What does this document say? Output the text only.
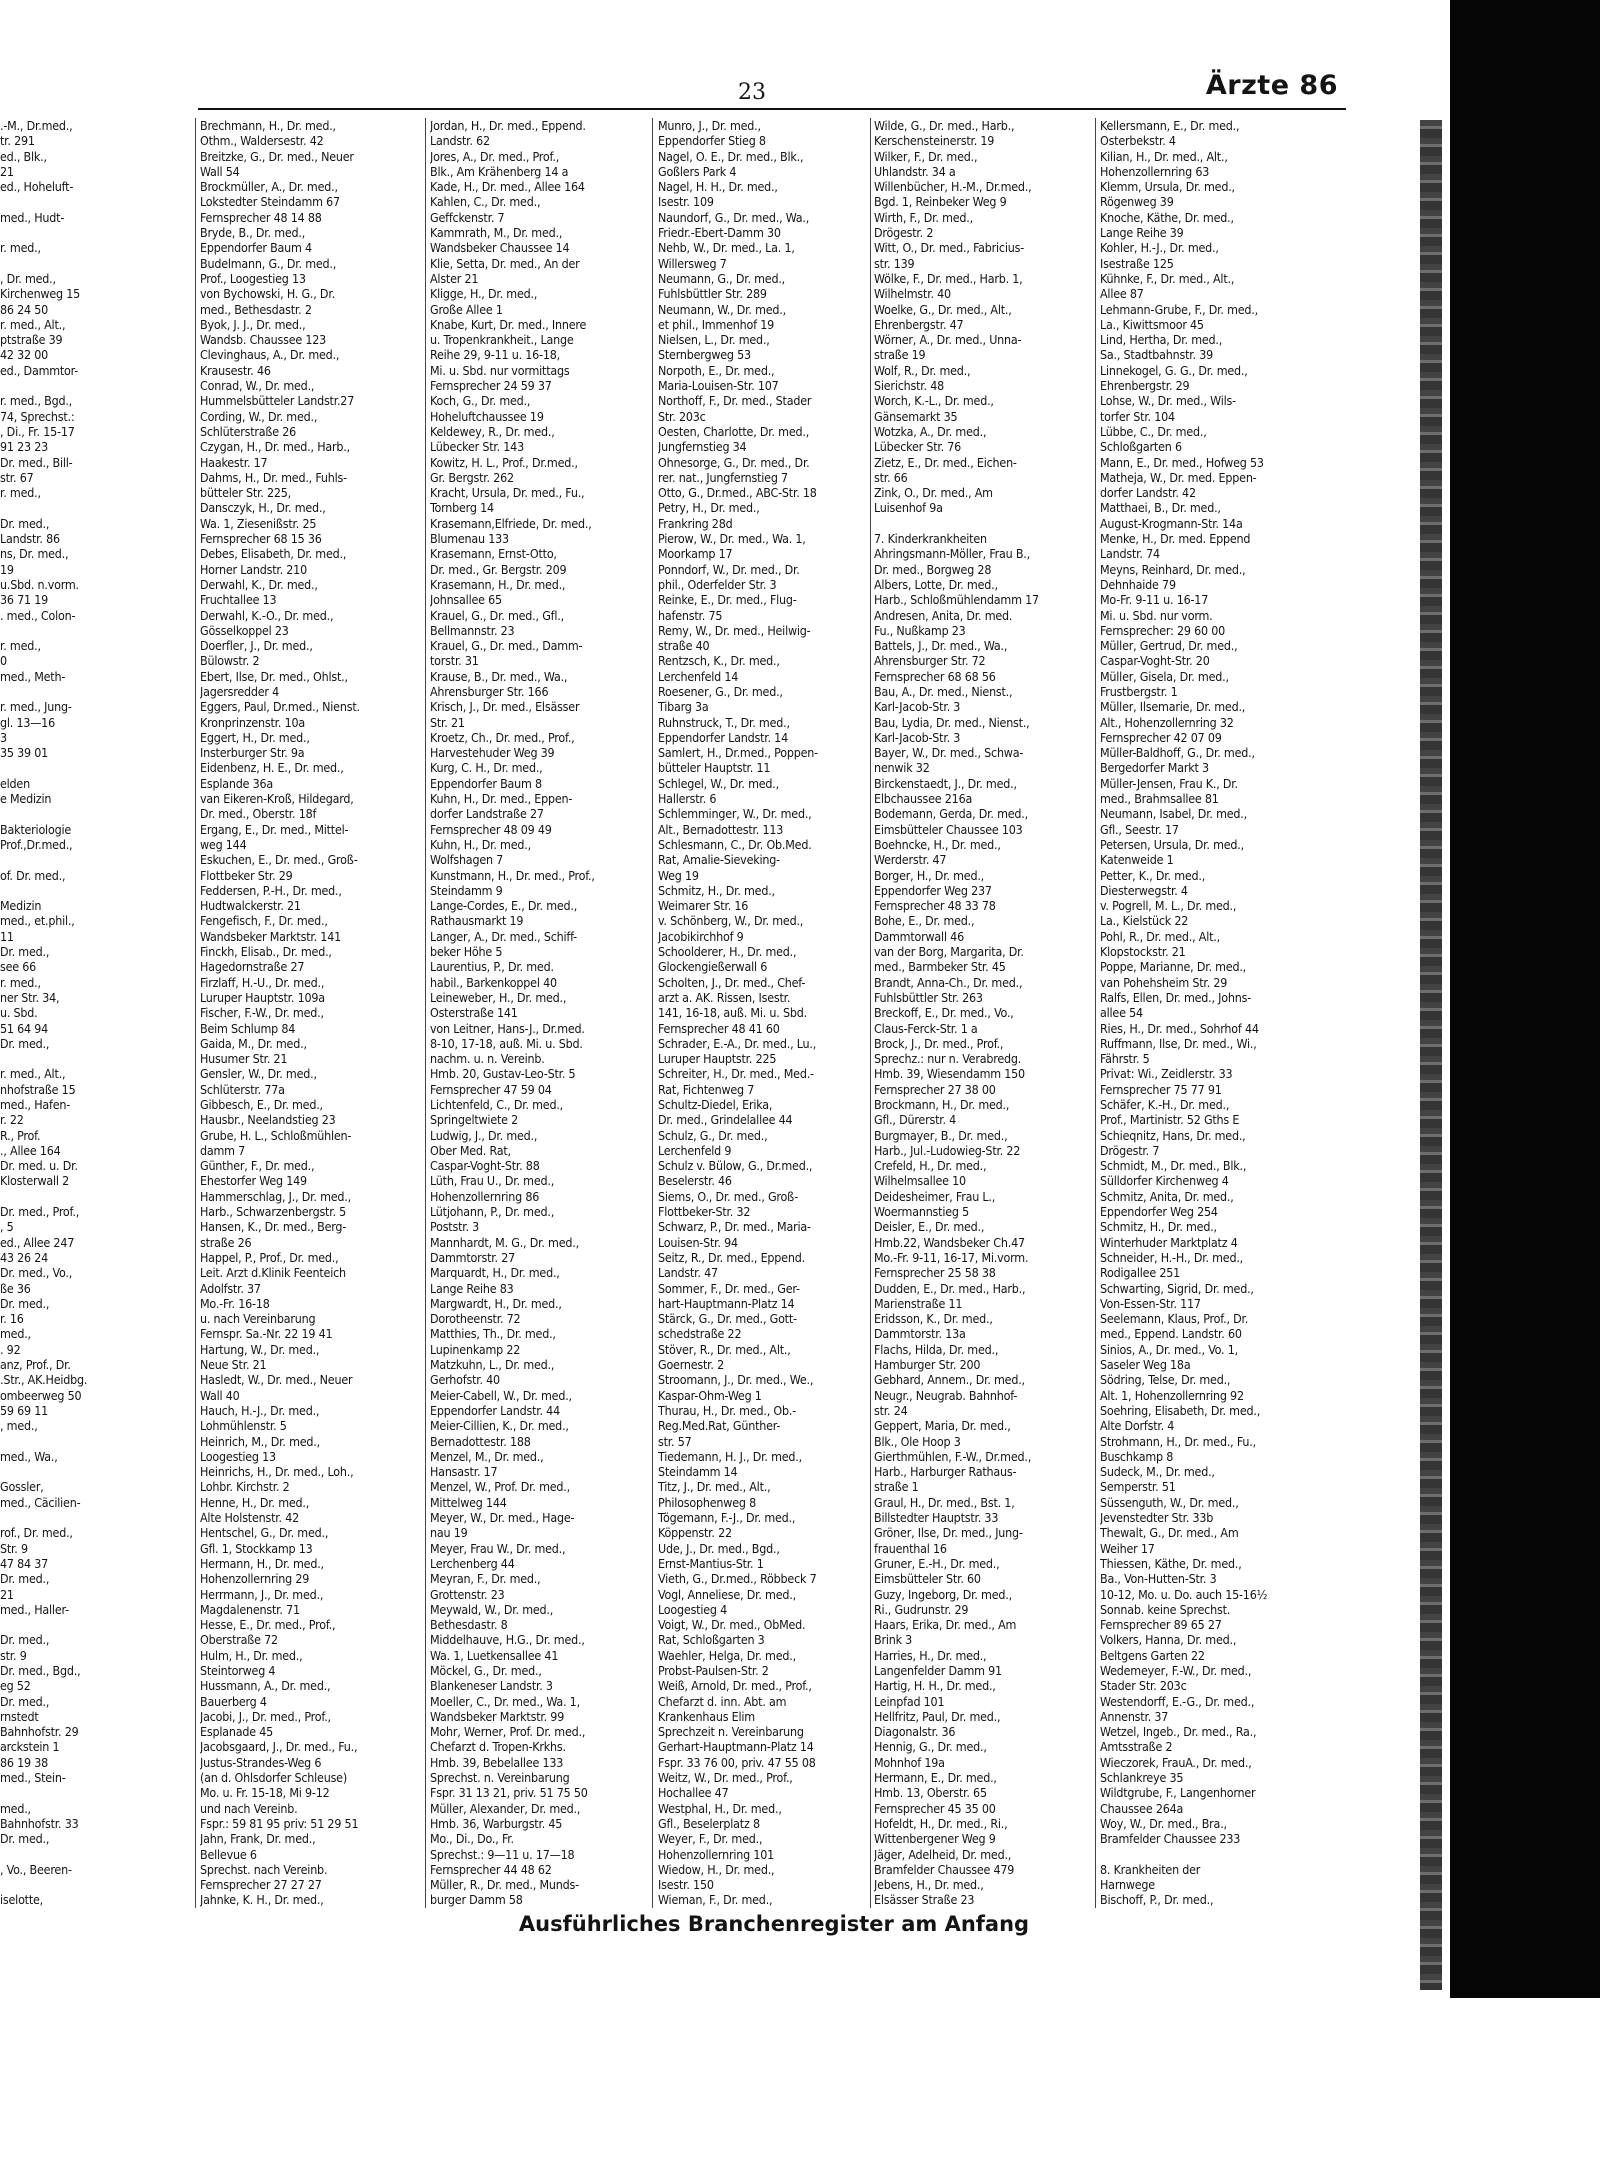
23	Ärzte 86
.-M., Dr.med.,
tr. 291
ed., Blk.,
21
ed., Hoheluft-

med., Hudt-

r. med.,

, Dr. med.,
Kirchenweg 15
86 24 50
r. med., Alt.,
ptstraße 39
42 32 00
ed., Dammtor-

r. med., Bgd.,
74, Sprechst.:
, Di., Fr. 15-17
91 23 23
Dr. med., Bill-
str. 67
r. med.,

Dr. med.,
Landstr. 86
ns, Dr. med.,
19
u.Sbd. n.vorm.
36 71 19
. med., Colon-

r. med.,
0
med., Meth-

r. med., Jung-
gl. 13—16
3
35 39 01

elden
e Medizin

Bakteriologie
Prof.,Dr.med.,

of. Dr. med.,

Medizin
med., et.phil.,
11
Dr. med.,
see 66
r. med.,
ner Str. 34,
u. Sbd.
51 64 94
Dr. med.,

r. med., Alt.,
nhofstraße 15
med., Hafen-
r. 22
R., Prof.
., Allee 164
Dr. med. u. Dr.
Klosterwall 2

Dr. med., Prof.,
, 5
ed., Allee 247
43 26 24
Dr. med., Vo.,
ße 36
Dr. med.,
r. 16
med.,
. 92
anz, Prof., Dr.
.Str., AK.Heidbg.
ombeerweg 50
59 69 11
, med.,

med., Wa.,

Gossler,
med., Cäcilien-

rof., Dr. med.,
Str. 9
47 84 37
Dr. med.,
21
med., Haller-

Dr. med.,
str. 9
Dr. med., Bgd.,
eg 52
Dr. med.,
rnstedt
Bahnhofstr. 29
arckstein 1
86 19 38
med., Stein-

med.,
Bahnhofstr. 33
Dr. med.,

, Vo., Beeren-

iselotte,

Brechmann, H., Dr. med.,
Othm., Waldersestr. 42
Breitzke, G., Dr. med., Neuer
Wall 54
Brockmüller, A., Dr. med.,
Lokstedter Steindamm 67
Fernsprecher 48 14 88
Bryde, B., Dr. med.,
Eppendorfer Baum 4
Budelmann, G., Dr. med.,
Prof., Loogestieg 13
von Bychowski, H. G., Dr.
med., Bethesdastr. 2
Byok, J. J., Dr. med.,
Wandsb. Chaussee 123
Clevinghaus, A., Dr. med.,
Krausestr. 46
Conrad, W., Dr. med.,
Hummelsbütteler Landstr.27
Cording, W., Dr. med.,
Schlüterstraße 26
Czygan, H., Dr. med., Harb.,
Haakestr. 17
Dahms, H., Dr. med., Fuhls-
bütteler Str. 225,
Dansczyk, H., Dr. med.,
Wa. 1, Ziesenißstr. 25
Fernsprecher 68 15 36
Debes, Elisabeth, Dr. med.,
Horner Landstr. 210
Derwahl, K., Dr. med.,
Fruchtallee 13
Derwahl, K.-O., Dr. med.,
Gösselkoppel 23
Doerfler, J., Dr. med.,
Bülowstr. 2
Ebert, Ilse, Dr. med., Ohlst.,
Jagersredder 4
Eggers, Paul, Dr.med., Nienst.
Kronprinzenstr. 10a
Eggert, H., Dr. med.,
Insterburger Str. 9a
Eidenbenz, H. E., Dr. med.,
Esplande 36a
van Eikeren-Kroß, Hildegard,
Dr. med., Oberstr. 18f
Ergang, E., Dr. med., Mittel-
weg 144
Eskuchen, E., Dr. med., Groß-
Flottbeker Str. 29
Feddersen, P.-H., Dr. med.,
Hudtwalckerstr. 21
Fengefisch, F., Dr. med.,
Wandsbeker Marktstr. 141
Finckh, Elisab., Dr. med.,
Hagedornstraße 27
Firzlaff, H.-U., Dr. med.,
Luruper Hauptstr. 109a
Fischer, F.-W., Dr. med.,
Beim Schlump 84
Gaida, M., Dr. med.,
Husumer Str. 21
Gensler, W., Dr. med.,
Schlüterstr. 77a
Gibbesch, E., Dr. med.,
Hausbr., Neelandstieg 23
Grube, H. L., Schloßmühlen-
damm 7
Günther, F., Dr. med.,
Ehestorfer Weg 149
Hammerschlag, J., Dr. med.,
Harb., Schwarzenbergstr. 5
Hansen, K., Dr. med., Berg-
straße 26
Happel, P., Prof., Dr. med.,
Leit. Arzt d.Klinik Feenteich
Adolfstr. 37
Mo.-Fr. 16-18
u. nach Vereinbarung
Fernspr. Sa.-Nr. 22 19 41
Hartung, W., Dr. med.,
Neue Str. 21
Hasledt, W., Dr. med., Neuer
Wall 40
Hauch, H.-J., Dr. med.,
Lohmühlenstr. 5
Heinrich, M., Dr. med.,
Loogestieg 13
Heinrichs, H., Dr. med., Loh.,
Lohbr. Kirchstr. 2
Henne, H., Dr. med.,
Alte Holstenstr. 42
Hentschel, G., Dr. med.,
Gfl. 1, Stockkamp 13
Hermann, H., Dr. med.,
Hohenzollernring 29
Herrmann, J., Dr. med.,
Magdalenenstr. 71
Hesse, E., Dr. med., Prof.,
Oberstraße 72
Hulm, H., Dr. med.,
Steintorweg 4
Hussmann, A., Dr. med.,
Bauerberg 4
Jacobi, J., Dr. med., Prof.,
Esplanade 45
Jacobsgaard, J., Dr. med., Fu.,
Justus-Strandes-Weg 6
(an d. Ohlsdorfer Schleuse)
Mo. u. Fr. 15-18, Mi 9-12
und nach Vereinb.
Fspr.: 59 81 95 priv: 51 29 51
Jahn, Frank, Dr. med.,
Bellevue 6
Sprechst. nach Vereinb.
Fernsprecher 27 27 27
Jahnke, K. H., Dr. med.,

Jordan, H., Dr. med., Eppend.
Landstr. 62
Jores, A., Dr. med., Prof.,
Blk., Am Krähenberg 14 a
Kade, H., Dr. med., Allee 164
Kahlen, C., Dr. med.,
Geffckenstr. 7
Kammrath, M., Dr. med.,
Wandsbeker Chaussee 14
Klie, Setta, Dr. med., An der
Alster 21
Kligge, H., Dr. med.,
Große Allee 1
Knabe, Kurt, Dr. med., Innere
u. Tropenkrankheit., Lange
Reihe 29, 9-11 u. 16-18,
Mi. u. Sbd. nur vormittags
Fernsprecher 24 59 37
Koch, G., Dr. med.,
Hoheluftchaussee 19
Keldewey, R., Dr. med.,
Lübecker Str. 143
Kowitz, H. L., Prof., Dr.med.,
Gr. Bergstr. 262
Kracht, Ursula, Dr. med., Fu.,
Tornberg 14
Krasemann,Elfriede, Dr. med.,
Blumenau 133
Krasemann, Ernst-Otto,
Dr. med., Gr. Bergstr. 209
Krasemann, H., Dr. med.,
Johnsallee 65
Krauel, G., Dr. med., Gfl.,
Bellmannstr. 23
Krauel, G., Dr. med., Damm-
torstr. 31
Krause, B., Dr. med., Wa.,
Ahrensburger Str. 166
Krisch, J., Dr. med., Elsässer
Str. 21
Kroetz, Ch., Dr. med., Prof.,
Harvestehuder Weg 39
Kurg, C. H., Dr. med.,
Eppendorfer Baum 8
Kuhn, H., Dr. med., Eppen-
dorfer Landstraße 27
Fernsprecher 48 09 49
Kuhn, H., Dr. med.,
Wolfshagen 7
Kunstmann, H., Dr. med., Prof.,
Steindamm 9
Lange-Cordes, E., Dr. med.,
Rathausmarkt 19
Langer, A., Dr. med., Schiff-
beker Höhe 5
Laurentius, P., Dr. med.
habil., Barkenkoppel 40
Leineweber, H., Dr. med.,
Osterstraße 141
von Leitner, Hans-J., Dr.med.
8-10, 17-18, auß. Mi. u. Sbd.
nachm. u. n. Vereinb.
Hmb. 20, Gustav-Leo-Str. 5
Fernsprecher 47 59 04
Lichtenfeld, C., Dr. med.,
Springeltwiete 2
Ludwig, J., Dr. med.,
Ober Med. Rat,
Caspar-Voght-Str. 88
Lüth, Frau U., Dr. med.,
Hohenzollernring 86
Lütjohann, P., Dr. med.,
Poststr. 3
Mannhardt, M. G., Dr. med.,
Dammtorstr. 27
Marquardt, H., Dr. med.,
Lange Reihe 83
Margwardt, H., Dr. med.,
Dorotheenstr. 72
Matthies, Th., Dr. med.,
Lupinenkamp 22
Matzkuhn, L., Dr. med.,
Gerhofstr. 40
Meier-Cabell, W., Dr. med.,
Eppendorfer Landstr. 44
Meier-Cillien, K., Dr. med.,
Bernadottestr. 188
Menzel, M., Dr. med.,
Hansastr. 17
Menzel, W., Prof. Dr. med.,
Mittelweg 144
Meyer, W., Dr. med., Hage-
nau 19
Meyer, Frau W., Dr. med.,
Lerchenberg 44
Meyran, F., Dr. med.,
Grottenstr. 23
Meywald, W., Dr. med.,
Bethesdastr. 8
Middelhauve, H.G., Dr. med.,
Wa. 1, Luetkensallee 41
Möckel, G., Dr. med.,
Blankeneser Landstr. 3
Moeller, C., Dr. med., Wa. 1,
Wandsbeker Marktstr. 99
Mohr, Werner, Prof. Dr. med.,
Chefarzt d. Tropen-Krkhs.
Hmb. 39, Bebelallee 133
Sprechst. n. Vereinbarung
Fspr. 31 13 21, priv. 51 75 50
Müller, Alexander, Dr. med.,
Hmb. 36, Warburgstr. 45
Mo., Di., Do., Fr.
Sprechst.: 9—11 u. 17—18
Fernsprecher 44 48 62
Müller, R., Dr. med., Munds-
burger Damm 58

Munro, J., Dr. med.,
Eppendorfer Stieg 8
Nagel, O. E., Dr. med., Blk.,
Goßlers Park 4
Nagel, H. H., Dr. med.,
Isestr. 109
Naundorf, G., Dr. med., Wa.,
Friedr.-Ebert-Damm 30
Nehb, W., Dr. med., La. 1,
Willersweg 7
Neumann, G., Dr. med.,
Fuhlsbüttler Str. 289
Neumann, W., Dr. med.,
et phil., Immenhof 19
Nielsen, L., Dr. med.,
Sternbergweg 53
Norpoth, E., Dr. med.,
Maria-Louisen-Str. 107
Northoff, F., Dr. med., Stader
Str. 203c
Oesten, Charlotte, Dr. med.,
Jungfernstieg 34
Ohnesorge, G., Dr. med., Dr.
rer. nat., Jungfernstieg 7
Otto, G., Dr.med., ABC-Str. 18
Petry, H., Dr. med.,
Frankring 28d
Pierow, W., Dr. med., Wa. 1,
Moorkamp 17
Ponndorf, W., Dr. med., Dr.
phil., Oderfelder Str. 3
Reinke, E., Dr. med., Flug-
hafenstr. 75
Remy, W., Dr. med., Heilwig-
straße 40
Rentzsch, K., Dr. med.,
Lerchenfeld 14
Roesener, G., Dr. med.,
Tibarg 3a
Ruhnstruck, T., Dr. med.,
Eppendorfer Landstr. 14
Samlert, H., Dr.med., Poppen-
bütteler Hauptstr. 11
Schlegel, W., Dr. med.,
Hallerstr. 6
Schlemminger, W., Dr. med.,
Alt., Bernadottestr. 113
Schlesmann, C., Dr. Ob.Med.
Rat, Amalie-Sieveking-
Weg 19
Schmitz, H., Dr. med.,
Weimarer Str. 16
v. Schönberg, W., Dr. med.,
Jacobikirchhof 9
Schoolderer, H., Dr. med.,
Glockengießerwall 6
Scholten, J., Dr. med., Chef-
arzt a. AK. Rissen, Isestr.
141, 16-18, auß. Mi. u. Sbd.
Fernsprecher 48 41 60
Schrader, E.-A., Dr. med., Lu.,
Luruper Hauptstr. 225
Schreiter, H., Dr. med., Med.-
Rat, Fichtenweg 7
Schultz-Diedel, Erika,
Dr. med., Grindelallee 44
Schulz, G., Dr. med.,
Lerchenfeld 9
Schulz v. Bülow, G., Dr.med.,
Beselerstr. 46
Siems, O., Dr. med., Groß-
Flottbeker-Str. 32
Schwarz, P., Dr. med., Maria-
Louisen-Str. 94
Seitz, R., Dr. med., Eppend.
Landstr. 47
Sommer, F., Dr. med., Ger-
hart-Hauptmann-Platz 14
Stärck, G., Dr. med., Gott-
schedstraße 22
Stöver, R., Dr. med., Alt.,
Goernestr. 2
Stroomann, J., Dr. med., We.,
Kaspar-Ohm-Weg 1
Thurau, H., Dr. med., Ob.-
Reg.Med.Rat, Günther-
str. 57
Tiedemann, H. J., Dr. med.,
Steindamm 14
Titz, J., Dr. med., Alt.,
Philosophenweg 8
Tögemann, F.-J., Dr. med.,
Köppenstr. 22
Ude, J., Dr. med., Bgd.,
Ernst-Mantius-Str. 1
Vieth, G., Dr.med., Röbbeck 7
Vogl, Anneliese, Dr. med.,
Loogestieg 4
Voigt, W., Dr. med., ObMed.
Rat, Schloßgarten 3
Waehler, Helga, Dr. med.,
Probst-Paulsen-Str. 2
Weiß, Arnold, Dr. med., Prof.,
Chefarzt d. inn. Abt. am
Krankenhaus Elim
Sprechzeit n. Vereinbarung
Gerhart-Hauptmann-Platz 14
Fspr. 33 76 00, priv. 47 55 08
Weitz, W., Dr. med., Prof.,
Hochallee 47
Westphal, H., Dr. med.,
Gfl., Beselerplatz 8
Weyer, F., Dr. med.,
Hohenzollernring 101
Wiedow, H., Dr. med.,
Isestr. 150
Wieman, F., Dr. med.,

Wilde, G., Dr. med., Harb.,
Kerschensteinerstr. 19
Wilker, F., Dr. med.,
Uhlandstr. 34 a
Willenbücher, H.-M., Dr.med.,
Bgd. 1, Reinbeker Weg 9
Wirth, F., Dr. med.,
Drögestr. 2
Witt, O., Dr. med., Fabricius-
str. 139
Wölke, F., Dr. med., Harb. 1,
Wilhelmstr. 40
Woelke, G., Dr. med., Alt.,
Ehrenbergstr. 47
Wörner, A., Dr. med., Unna-
straße 19
Wolf, R., Dr. med.,
Sierichstr. 48
Worch, K.-L., Dr. med.,
Gänsemarkt 35
Wotzka, A., Dr. med.,
Lübecker Str. 76
Zietz, E., Dr. med., Eichen-
str. 66
Zink, O., Dr. med., Am
Luisenhof 9a

7. Kinderkrankheiten
Ahringsmann-Möller, Frau B.,
Dr. med., Borgweg 28
Albers, Lotte, Dr. med.,
Harb., Schloßmühlendamm 17
Andresen, Anita, Dr. med.
Fu., Nußkamp 23
Battels, J., Dr. med., Wa.,
Ahrensburger Str. 72
Fernsprecher 68 68 56
Bau, A., Dr. med., Nienst.,
Karl-Jacob-Str. 3
Bau, Lydia, Dr. med., Nienst.,
Karl-Jacob-Str. 3
Bayer, W., Dr. med., Schwa-
nenwik 32
Birckenstaedt, J., Dr. med.,
Elbchaussee 216a
Bodemann, Gerda, Dr. med.,
Eimsbütteler Chaussee 103
Boehncke, H., Dr. med.,
Werderstr. 47
Borger, H., Dr. med.,
Eppendorfer Weg 237
Fernsprecher 48 33 78
Bohe, E., Dr. med.,
Dammtorwall 46
van der Borg, Margarita, Dr.
med., Barmbeker Str. 45
Brandt, Anna-Ch., Dr. med.,
Fuhlsbüttler Str. 263
Breckoff, E., Dr. med., Vo.,
Claus-Ferck-Str. 1 a
Brock, J., Dr. med., Prof.,
Sprechz.: nur n. Verabredg.
Hmb. 39, Wiesendamm 150
Fernsprecher 27 38 00
Brockmann, H., Dr. med.,
Gfl., Dürerstr. 4
Burgmayer, B., Dr. med.,
Harb., Jul.-Ludowieg-Str. 22
Crefeld, H., Dr. med.,
Wilhelmsallee 10
Deidesheimer, Frau L.,
Woermannstieg 5
Deisler, E., Dr. med.,
Hmb.22, Wandsbeker Ch.47
Mo.-Fr. 9-11, 16-17, Mi.vorm.
Fernsprecher 25 58 38
Dudden, E., Dr. med., Harb.,
Marienstraße 11
Eridsson, K., Dr. med.,
Dammtorstr. 13a
Flachs, Hilda, Dr. med.,
Hamburger Str. 200
Gebhard, Annem., Dr. med.,
Neugr., Neugrab. Bahnhof-
str. 24
Geppert, Maria, Dr. med.,
Blk., Ole Hoop 3
Gierthmühlen, F.-W., Dr.med.,
Harb., Harburger Rathaus-
straße 1
Graul, H., Dr. med., Bst. 1,
Billstedter Hauptstr. 33
Gröner, Ilse, Dr. med., Jung-
frauenthal 16
Gruner, E.-H., Dr. med.,
Eimsbütteler Str. 60
Guzy, Ingeborg, Dr. med.,
Ri., Gudrunstr. 29
Haars, Erika, Dr. med., Am
Brink 3
Harries, H., Dr. med.,
Langenfelder Damm 91
Hartig, H. H., Dr. med.,
Leinpfad 101
Hellfritz, Paul, Dr. med.,
Diagonalstr. 36
Hennig, G., Dr. med.,
Mohnhof 19a
Hermann, E., Dr. med.,
Hmb. 13, Oberstr. 65
Fernsprecher 45 35 00
Hofeldt, H., Dr. med., Ri.,
Wittenbergener Weg 9
Jäger, Adelheid, Dr. med.,
Bramfelder Chaussee 479
Jebens, H., Dr. med.,
Elsässer Straße 23

Kellersmann, E., Dr. med.,
Osterbekstr. 4
Kilian, H., Dr. med., Alt.,
Hohenzollernring 63
Klemm, Ursula, Dr. med.,
Rögenweg 39
Knoche, Käthe, Dr. med.,
Lange Reihe 39
Kohler, H.-J., Dr. med.,
Isestraße 125
Kühnke, F., Dr. med., Alt.,
Allee 87
Lehmann-Grube, F., Dr. med.,
La., Kiwittsmoor 45
Lind, Hertha, Dr. med.,
Sa., Stadtbahnstr. 39
Linnekogel, G. G., Dr. med.,
Ehrenbergstr. 29
Lohse, W., Dr. med., Wils-
torfer Str. 104
Lübbe, C., Dr. med.,
Schloßgarten 6
Mann, E., Dr. med., Hofweg 53
Matheja, W., Dr. med. Eppen-
dorfer Landstr. 42
Matthaei, B., Dr. med.,
August-Krogmann-Str. 14a
Menke, H., Dr. med. Eppend
Landstr. 74
Meyns, Reinhard, Dr. med.,
Dehnhaide 79
Mo-Fr. 9-11 u. 16-17
Mi. u. Sbd. nur vorm.
Fernsprecher: 29 60 00
Müller, Gertrud, Dr. med.,
Caspar-Voght-Str. 20
Müller, Gisela, Dr. med.,
Frustbergstr. 1
Müller, Ilsemarie, Dr. med.,
Alt., Hohenzollernring 32
Fernsprecher 42 07 09
Müller-Baldhoff, G., Dr. med.,
Bergedorfer Markt 3
Müller-Jensen, Frau K., Dr.
med., Brahmsallee 81
Neumann, Isabel, Dr. med.,
Gfl., Seestr. 17
Petersen, Ursula, Dr. med.,
Katenweide 1
Petter, K., Dr. med.,
Diesterwegstr. 4
v. Pogrell, M. L., Dr. med.,
La., Kielstück 22
Pohl, R., Dr. med., Alt.,
Klopstockstr. 21
Poppe, Marianne, Dr. med.,
van Pohehsheim Str. 29
Ralfs, Ellen, Dr. med., Johns-
allee 54
Ries, H., Dr. med., Sohrhof 44
Ruffmann, Ilse, Dr. med., Wi.,
Fährstr. 5
Privat: Wi., Zeidlerstr. 33
Fernsprecher 75 77 91
Schäfer, K.-H., Dr. med.,
Prof., Martinistr. 52 Gths E
Schieqnitz, Hans, Dr. med.,
Drögestr. 7
Schmidt, M., Dr. med., Blk.,
Sülldorfer Kirchenweg 4
Schmitz, Anita, Dr. med.,
Eppendorfer Weg 254
Schmitz, H., Dr. med.,
Winterhuder Marktplatz 4
Schneider, H.-H., Dr. med.,
Rodigallee 251
Schwarting, Sigrid, Dr. med.,
Von-Essen-Str. 117
Seelemann, Klaus, Prof., Dr.
med., Eppend. Landstr. 60
Sinios, A., Dr. med., Vo. 1,
Saseler Weg 18a
Södring, Telse, Dr. med.,
Alt. 1, Hohenzollernring 92
Soehring, Elisabeth, Dr. med.,
Alte Dorfstr. 4
Strohmann, H., Dr. med., Fu.,
Buschkamp 8
Sudeck, M., Dr. med.,
Semperstr. 51
Süssenguth, W., Dr. med.,
Jevenstedter Str. 33b
Thewalt, G., Dr. med., Am
Weiher 17
Thiessen, Käthe, Dr. med.,
Ba., Von-Hutten-Str. 3
10-12, Mo. u. Do. auch 15-16½
Sonnab. keine Sprechst.
Fernsprecher 89 65 27
Volkers, Hanna, Dr. med.,
Beltgens Garten 22
Wedemeyer, F.-W., Dr. med.,
Stader Str. 203c
Westendorff, E.-G., Dr. med.,
Annenstr. 37
Wetzel, Ingeb., Dr. med., Ra.,
Amtsstraße 2
Wieczorek, FrauA., Dr. med.,
Schlankreye 35
Wildtgrube, F., Langenhorner
Chaussee 264a
Woy, W., Dr. med., Bra.,
Bramfelder Chaussee 233

8. Krankheiten der
Harnwege
Bischoff, P., Dr. med.,

Ausführliches Branchenregister am Anfang
